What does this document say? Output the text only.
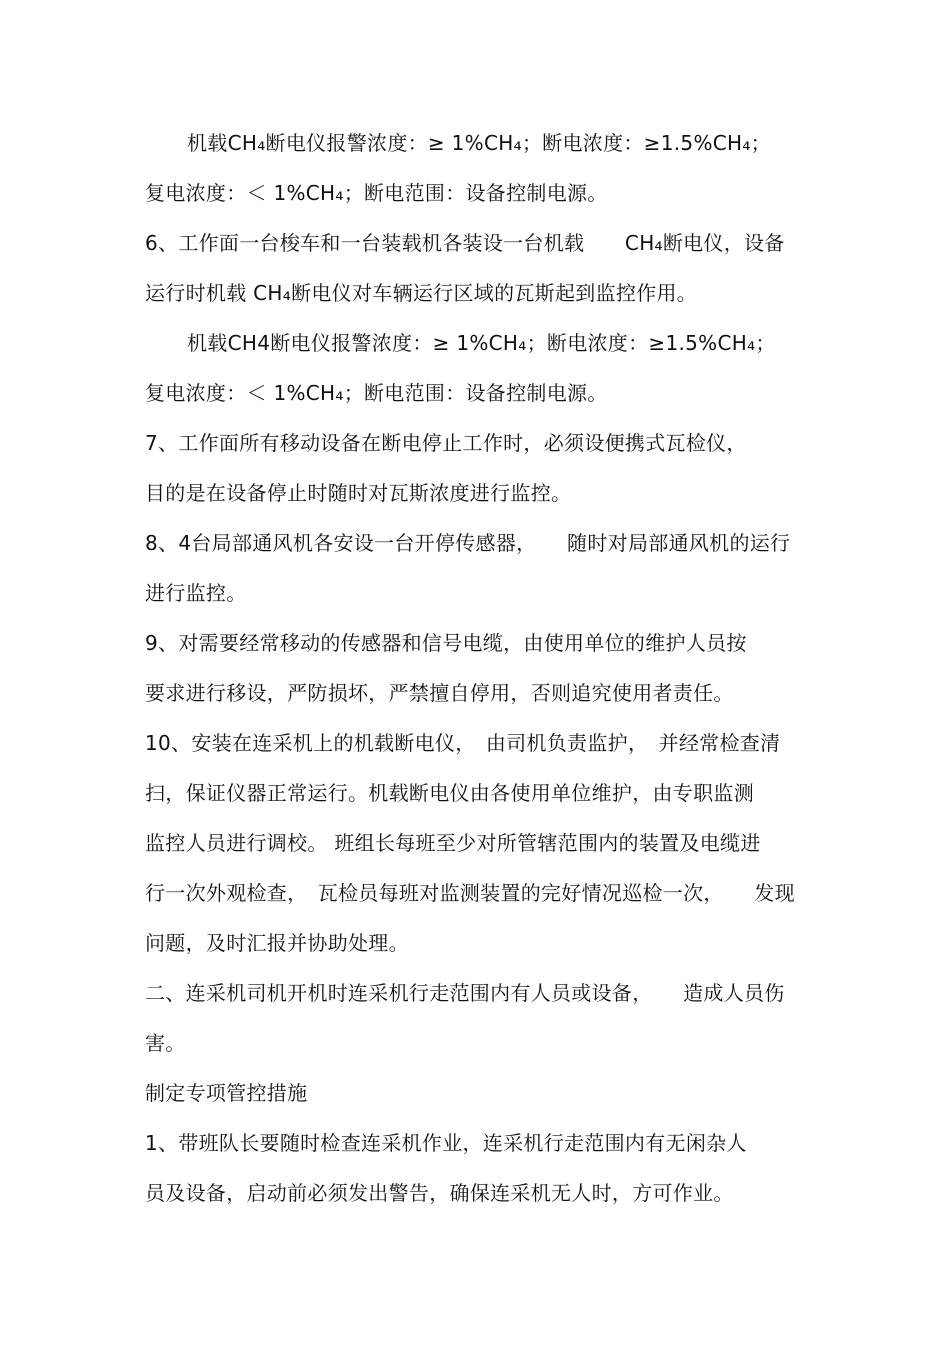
机载CH₄断电仪报警浓度：≥ 1%CH₄；断电浓度：≥1.5%CH₄；
复电浓度：＜ 1%CH₄；断电范围：设备控制电源。
6、工作面一台梭车和一台装载机各装设一台机载　　CH₄断电仪，设备
运行时机载 CH₄断电仪对车辆运行区域的瓦斯起到监控作用。
机载CH4断电仪报警浓度：≥ 1%CH₄；断电浓度：≥1.5%CH₄；
复电浓度：＜ 1%CH₄；断电范围：设备控制电源。
7、工作面所有移动设备在断电停止工作时，必须设便携式瓦检仪，
目的是在设备停止时随时对瓦斯浓度进行监控。
8、4台局部通风机各安设一台开停传感器，　　随时对局部通风机的运行
进行监控。
9、对需要经常移动的传感器和信号电缆，由使用单位的维护人员按
要求进行移设，严防损坏，严禁擅自停用，否则追究使用者责任。
10、安装在连采机上的机载断电仪，　由司机负责监护，　并经常检查清
扫，保证仪器正常运行。机载断电仪由各使用单位维护，由专职监测
监控人员进行调校。 班组长每班至少对所管辖范围内的装置及电缆进
行一次外观检查，　瓦检员每班对监测装置的完好情况巡检一次，　　发现
问题，及时汇报并协助处理。
二、连采机司机开机时连采机行走范围内有人员或设备，　　造成人员伤
害。
制定专项管控措施
1、带班队长要随时检查连采机作业，连采机行走范围内有无闲杂人
员及设备，启动前必须发出警告，确保连采机无人时，方可作业。
